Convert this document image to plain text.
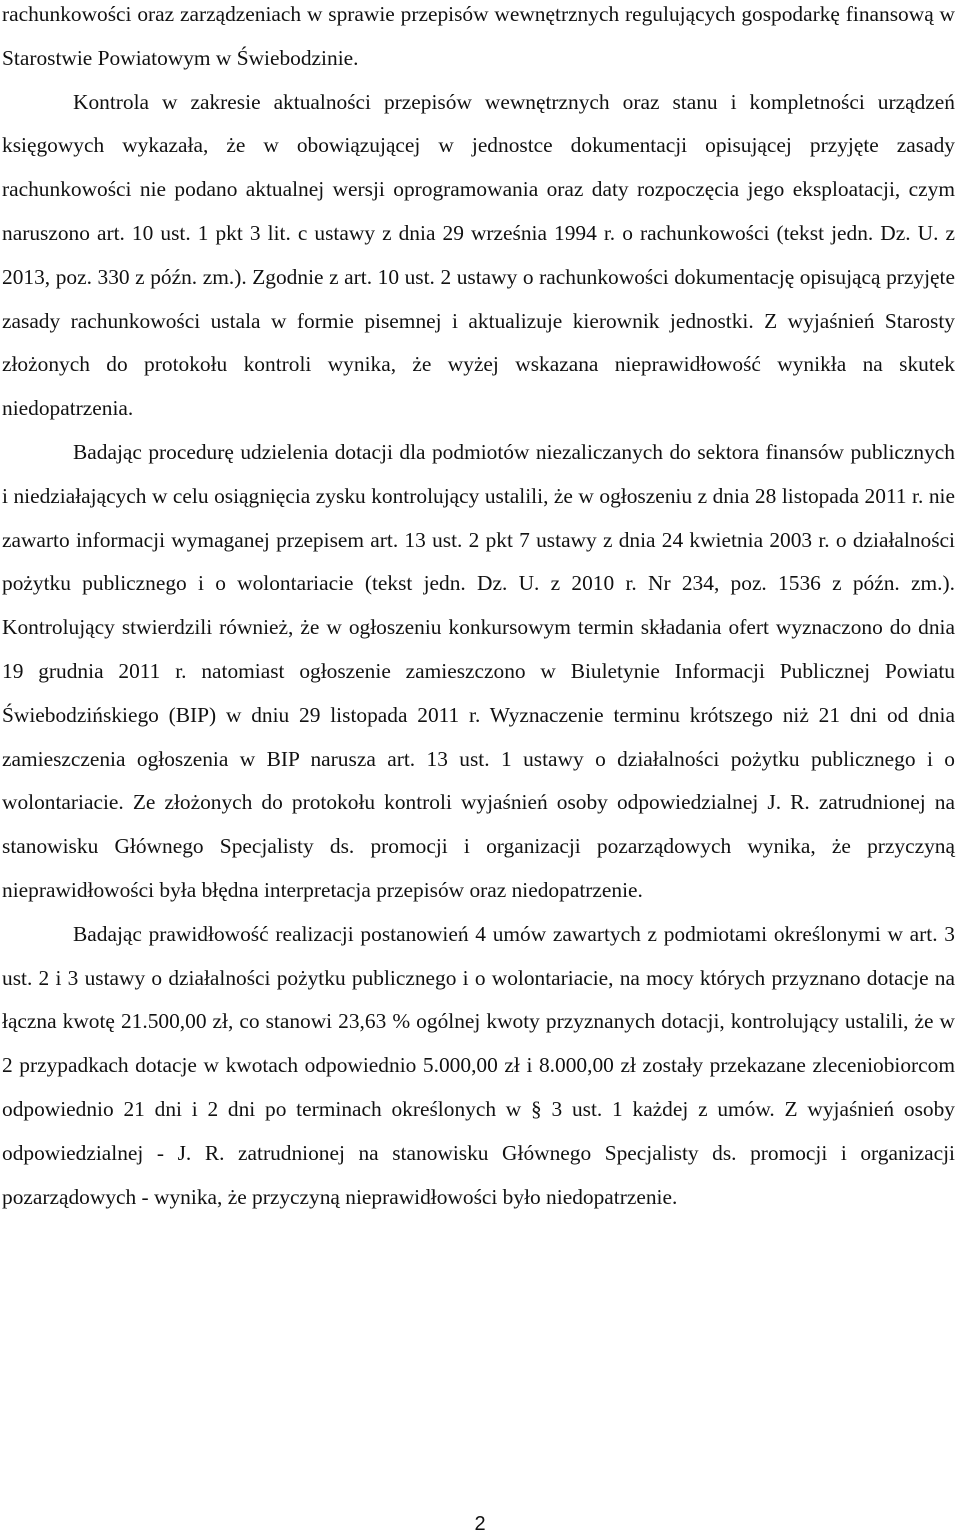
rachunkowości oraz zarządzeniach w sprawie przepisów wewnętrznych regulujących gospodarkę finansową w Starostwie Powiatowym w Świebodzinie.

Kontrola w zakresie aktualności przepisów wewnętrznych oraz stanu i kompletności urządzeń księgowych wykazała, że w obowiązującej w jednostce dokumentacji opisującej przyjęte zasady rachunkowości nie podano aktualnej wersji oprogramowania oraz daty rozpoczęcia jego eksploatacji, czym naruszono art. 10 ust. 1 pkt 3 lit. c ustawy z dnia 29 września 1994 r. o rachunkowości (tekst jedn. Dz. U. z 2013, poz. 330 z późn. zm.). Zgodnie z art. 10 ust. 2 ustawy o rachunkowości dokumentację opisującą przyjęte zasady rachunkowości ustala w formie pisemnej i aktualizuje kierownik jednostki. Z wyjaśnień Starosty złożonych do protokołu kontroli wynika, że wyżej wskazana nieprawidłowość wynikła na skutek niedopatrzenia.

Badając procedurę udzielenia dotacji dla podmiotów niezaliczanych do sektora finansów publicznych i niedziałających w celu osiągnięcia zysku kontrolujący ustalili, że w ogłoszeniu z dnia 28 listopada 2011 r. nie zawarto informacji wymaganej przepisem art. 13 ust. 2 pkt 7 ustawy z dnia 24 kwietnia 2003 r. o działalności pożytku publicznego i o wolontariacie (tekst jedn. Dz. U. z 2010 r. Nr 234, poz. 1536 z późn. zm.). Kontrolujący stwierdzili również, że w ogłoszeniu konkursowym termin składania ofert wyznaczono do dnia 19 grudnia 2011 r. natomiast ogłoszenie zamieszczono w Biuletynie Informacji Publicznej Powiatu Świebodzińskiego (BIP) w dniu 29 listopada 2011 r. Wyznaczenie terminu krótszego niż 21 dni od dnia zamieszczenia ogłoszenia w BIP narusza art. 13 ust. 1 ustawy o działalności pożytku publicznego i o wolontariacie. Ze złożonych do protokołu kontroli wyjaśnień osoby odpowiedzialnej J. R. zatrudnionej na stanowisku Głównego Specjalisty ds. promocji i organizacji pozarządowych wynika, że przyczyną nieprawidłowości była błędna interpretacja przepisów oraz niedopatrzenie.

Badając prawidłowość realizacji postanowień 4 umów zawartych z podmiotami określonymi w art. 3 ust. 2 i 3 ustawy o działalności pożytku publicznego i o wolontariacie, na mocy których przyznano dotacje na łączna kwotę 21.500,00 zł, co stanowi 23,63 % ogólnej kwoty przyznanych dotacji, kontrolujący ustalili, że w 2 przypadkach dotacje w kwotach odpowiednio 5.000,00 zł i 8.000,00 zł zostały przekazane zleceniobiorcom odpowiednio 21 dni i 2 dni po terminach określonych w § 3 ust. 1 każdej z umów. Z wyjaśnień osoby odpowiedzialnej - J. R. zatrudnionej na stanowisku Głównego Specjalisty ds. promocji i organizacji pozarządowych - wynika, że przyczyną nieprawidłowości było niedopatrzenie.

2
